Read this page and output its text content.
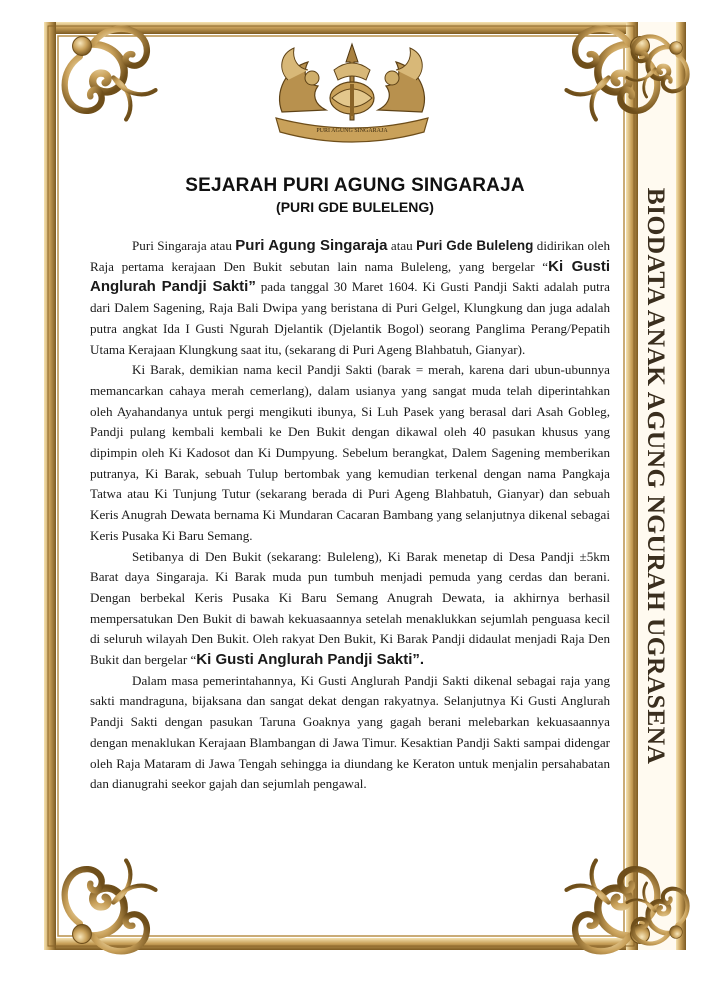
PURI AGUNG SINGARAJA
SEJARAH PURI AGUNG SINGARAJA
(PURI GDE BULELENG)

Puri Singaraja atau Puri Agung Singaraja atau Puri Gde Buleleng didirikan oleh Raja pertama kerajaan Den Bukit sebutan lain nama Buleleng, yang bergelar “Ki Gusti Anglurah Pandji Sakti” pada tanggal 30 Maret 1604. Ki Gusti Pandji Sakti adalah putra dari Dalem Sagening, Raja Bali Dwipa yang beristana di Puri Gelgel, Klungkung dan juga adalah putra angkat Ida I Gusti Ngurah Djelantik (Djelantik Bogol) seorang Panglima Perang/Pepatih Utama Kerajaan Klungkung saat itu, (sekarang di Puri Ageng Blahbatuh, Gianyar).

Ki Barak, demikian nama kecil Pandji Sakti (barak = merah, karena dari ubun-ubunnya memancarkan cahaya merah cemerlang), dalam usianya yang sangat muda telah diperintahkan oleh Ayahandanya untuk pergi mengikuti ibunya, Si Luh Pasek yang berasal dari Asah Gobleg, Pandji pulang kembali kembali ke Den Bukit dengan dikawal oleh 40 pasukan khusus yang dipimpin oleh Ki Kadosot dan Ki Dumpyung. Sebelum berangkat, Dalem Sagening memberikan putranya, Ki Barak, sebuah Tulup bertombak yang kemudian terkenal dengan nama Pangkaja Tatwa atau Ki Tunjung Tutur (sekarang berada di Puri Ageng Blahbatuh, Gianyar) dan sebuah Keris Anugrah Dewata bernama Ki Mundaran Cacaran Bambang yang selanjutnya dikenal sebagai Keris Pusaka Ki Baru Semang.

Setibanya di Den Bukit (sekarang: Buleleng), Ki Barak menetap di Desa Pandji ±5km Barat daya Singaraja. Ki Barak muda pun tumbuh menjadi pemuda yang cerdas dan berani. Dengan berbekal Keris Pusaka Ki Baru Semang Anugrah Dewata, ia akhirnya berhasil mempersatukan Den Bukit di bawah kekuasaannya setelah menaklukkan sejumlah penguasa kecil di seluruh wilayah Den Bukit. Oleh rakyat Den Bukit, Ki Barak Pandji didaulat menjadi Raja Den Bukit dan bergelar “Ki Gusti Anglurah Pandji Sakti”.

Dalam masa pemerintahannya, Ki Gusti Anglurah Pandji Sakti dikenal sebagai raja yang sakti mandraguna, bijaksana dan sangat dekat dengan rakyatnya. Selanjutnya Ki Gusti Anglurah Pandji Sakti dengan pasukan Taruna Goaknya yang gagah berani melebarkan kekuasaannya dengan menaklukan Kerajaan Blambangan di Jawa Timur. Kesaktian Pandji Sakti sampai didengar oleh Raja Mataram di Jawa Tengah sehingga ia diundang ke Keraton untuk menjalin persahabatan dan dianugrahi seekor gajah dan sejumlah pengawal.

BIODATA ANAK AGUNG NGURAH UGRASENA
